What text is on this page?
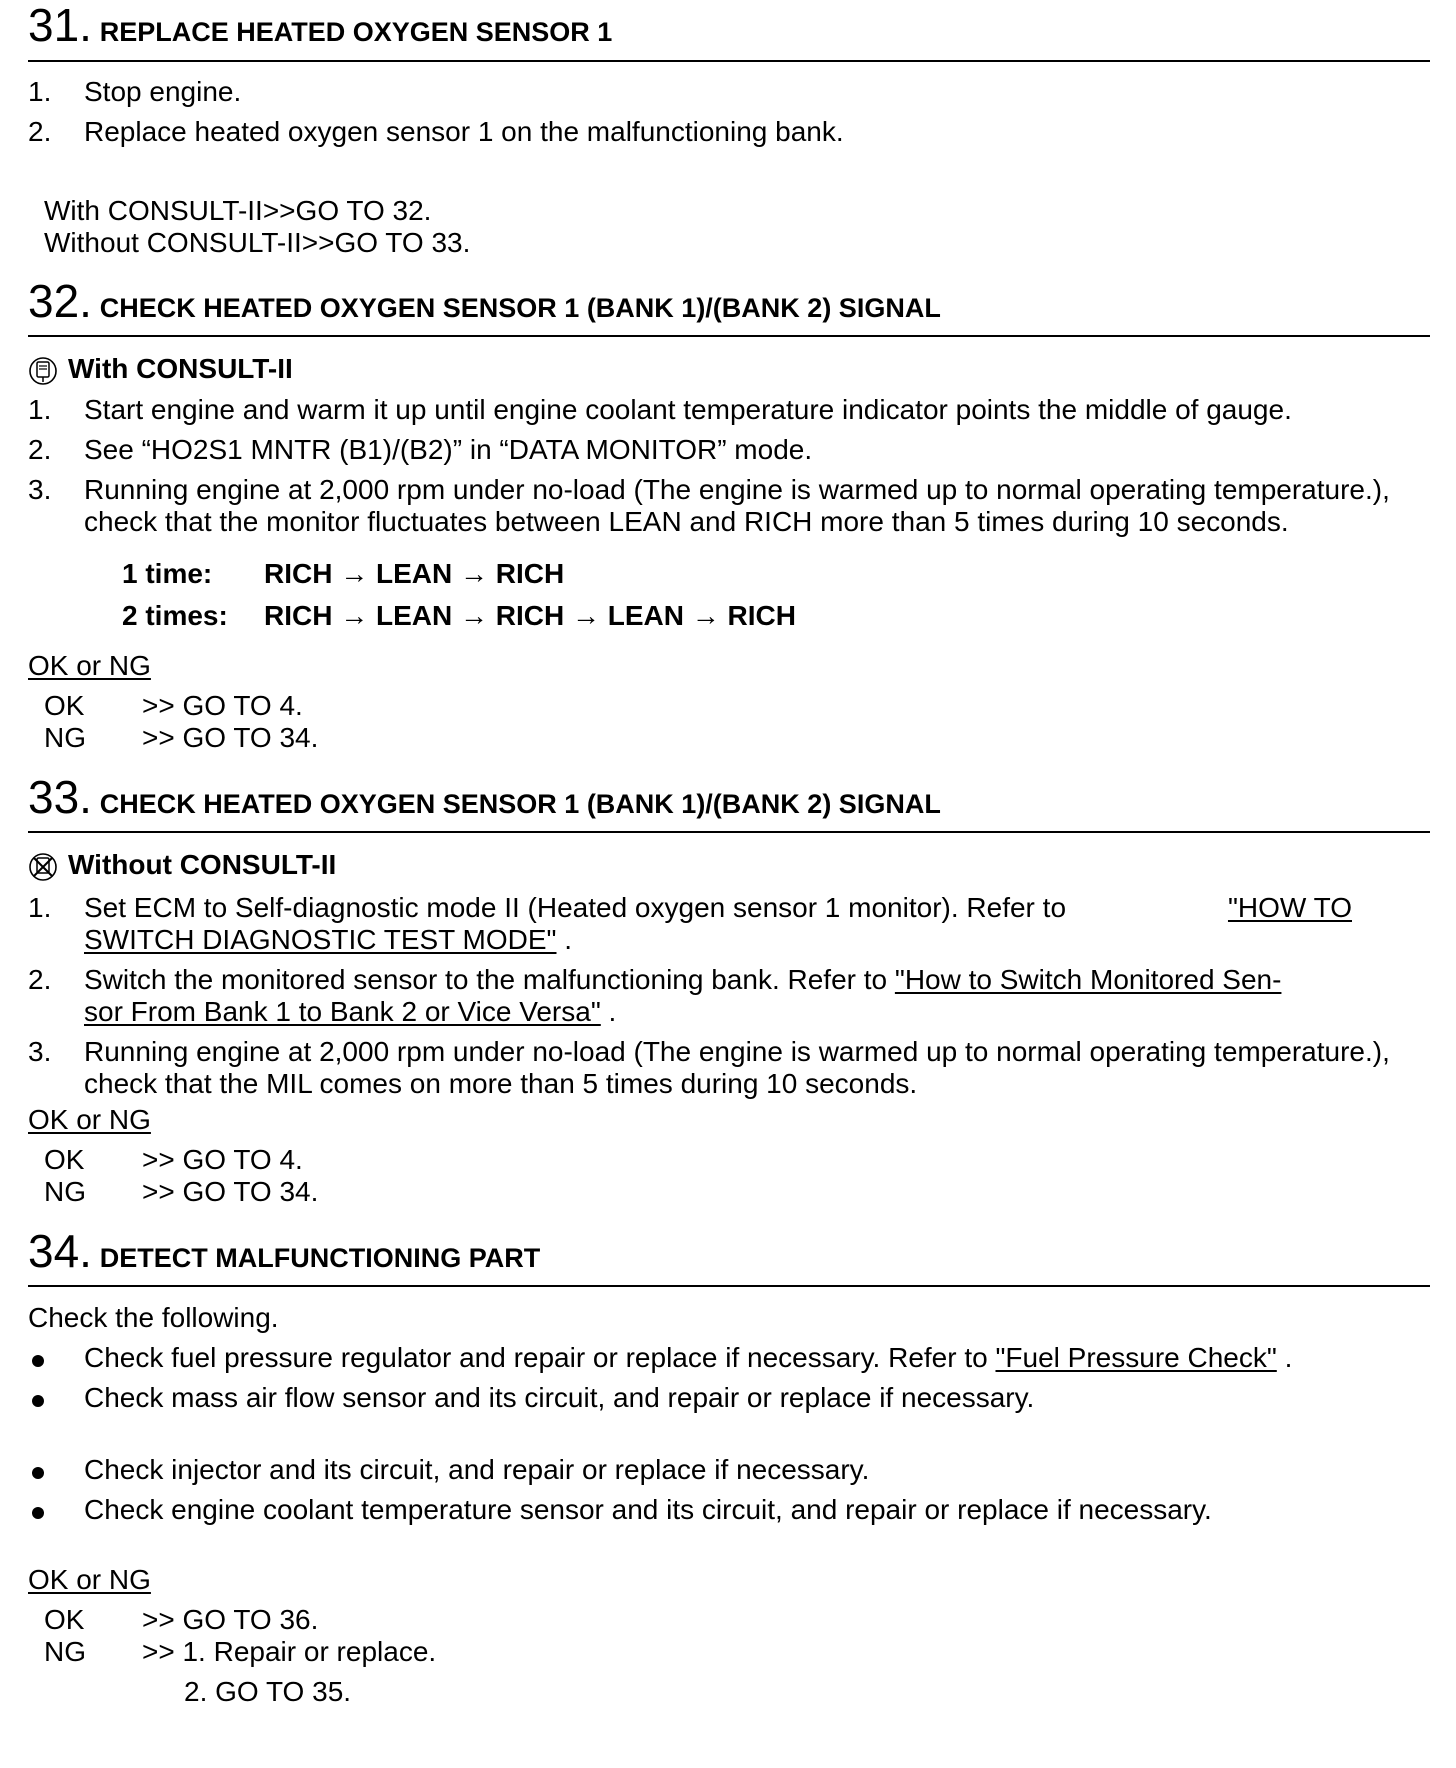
31. REPLACE HEATED OXYGEN SENSOR 1
1. Stop engine.
2. Replace heated oxygen sensor 1 on the malfunctioning bank.
With CONSULT-II>>GO TO 32.
Without CONSULT-II>>GO TO 33.
32. CHECK HEATED OXYGEN SENSOR 1 (BANK 1)/(BANK 2) SIGNAL
With CONSULT-II
1. Start engine and warm it up until engine coolant temperature indicator points the middle of gauge.
2. See “HO2S1 MNTR (B1)/(B2)” in “DATA MONITOR” mode.
3. Running engine at 2,000 rpm under no-load (The engine is warmed up to normal operating temperature.),
check that the monitor fluctuates between LEAN and RICH more than 5 times during 10 seconds.
1 time: RICH → LEAN → RICH
2 times: RICH → LEAN → RICH → LEAN → RICH
OK or NG
OK >> GO TO 4.
NG >> GO TO 34.
33. CHECK HEATED OXYGEN SENSOR 1 (BANK 1)/(BANK 2) SIGNAL
Without CONSULT-II
1. Set ECM to Self-diagnostic mode II (Heated oxygen sensor 1 monitor). Refer to	"HOW TO
SWITCH DIAGNOSTIC TEST MODE" .
2. Switch the monitored sensor to the malfunctioning bank. Refer to "How to Switch Monitored Sen-
sor From Bank 1 to Bank 2 or Vice Versa" .
3. Running engine at 2,000 rpm under no-load (The engine is warmed up to normal operating temperature.),
check that the MIL comes on more than 5 times during 10 seconds.
OK or NG
OK >> GO TO 4.
NG >> GO TO 34.
34. DETECT MALFUNCTIONING PART
Check the following.
Check fuel pressure regulator and repair or replace if necessary. Refer to "Fuel Pressure Check" .
Check mass air flow sensor and its circuit, and repair or replace if necessary.
Check injector and its circuit, and repair or replace if necessary.
Check engine coolant temperature sensor and its circuit, and repair or replace if necessary.
OK or NG
OK >> GO TO 36.
NG >> 1. Repair or replace.
2. GO TO 35.
